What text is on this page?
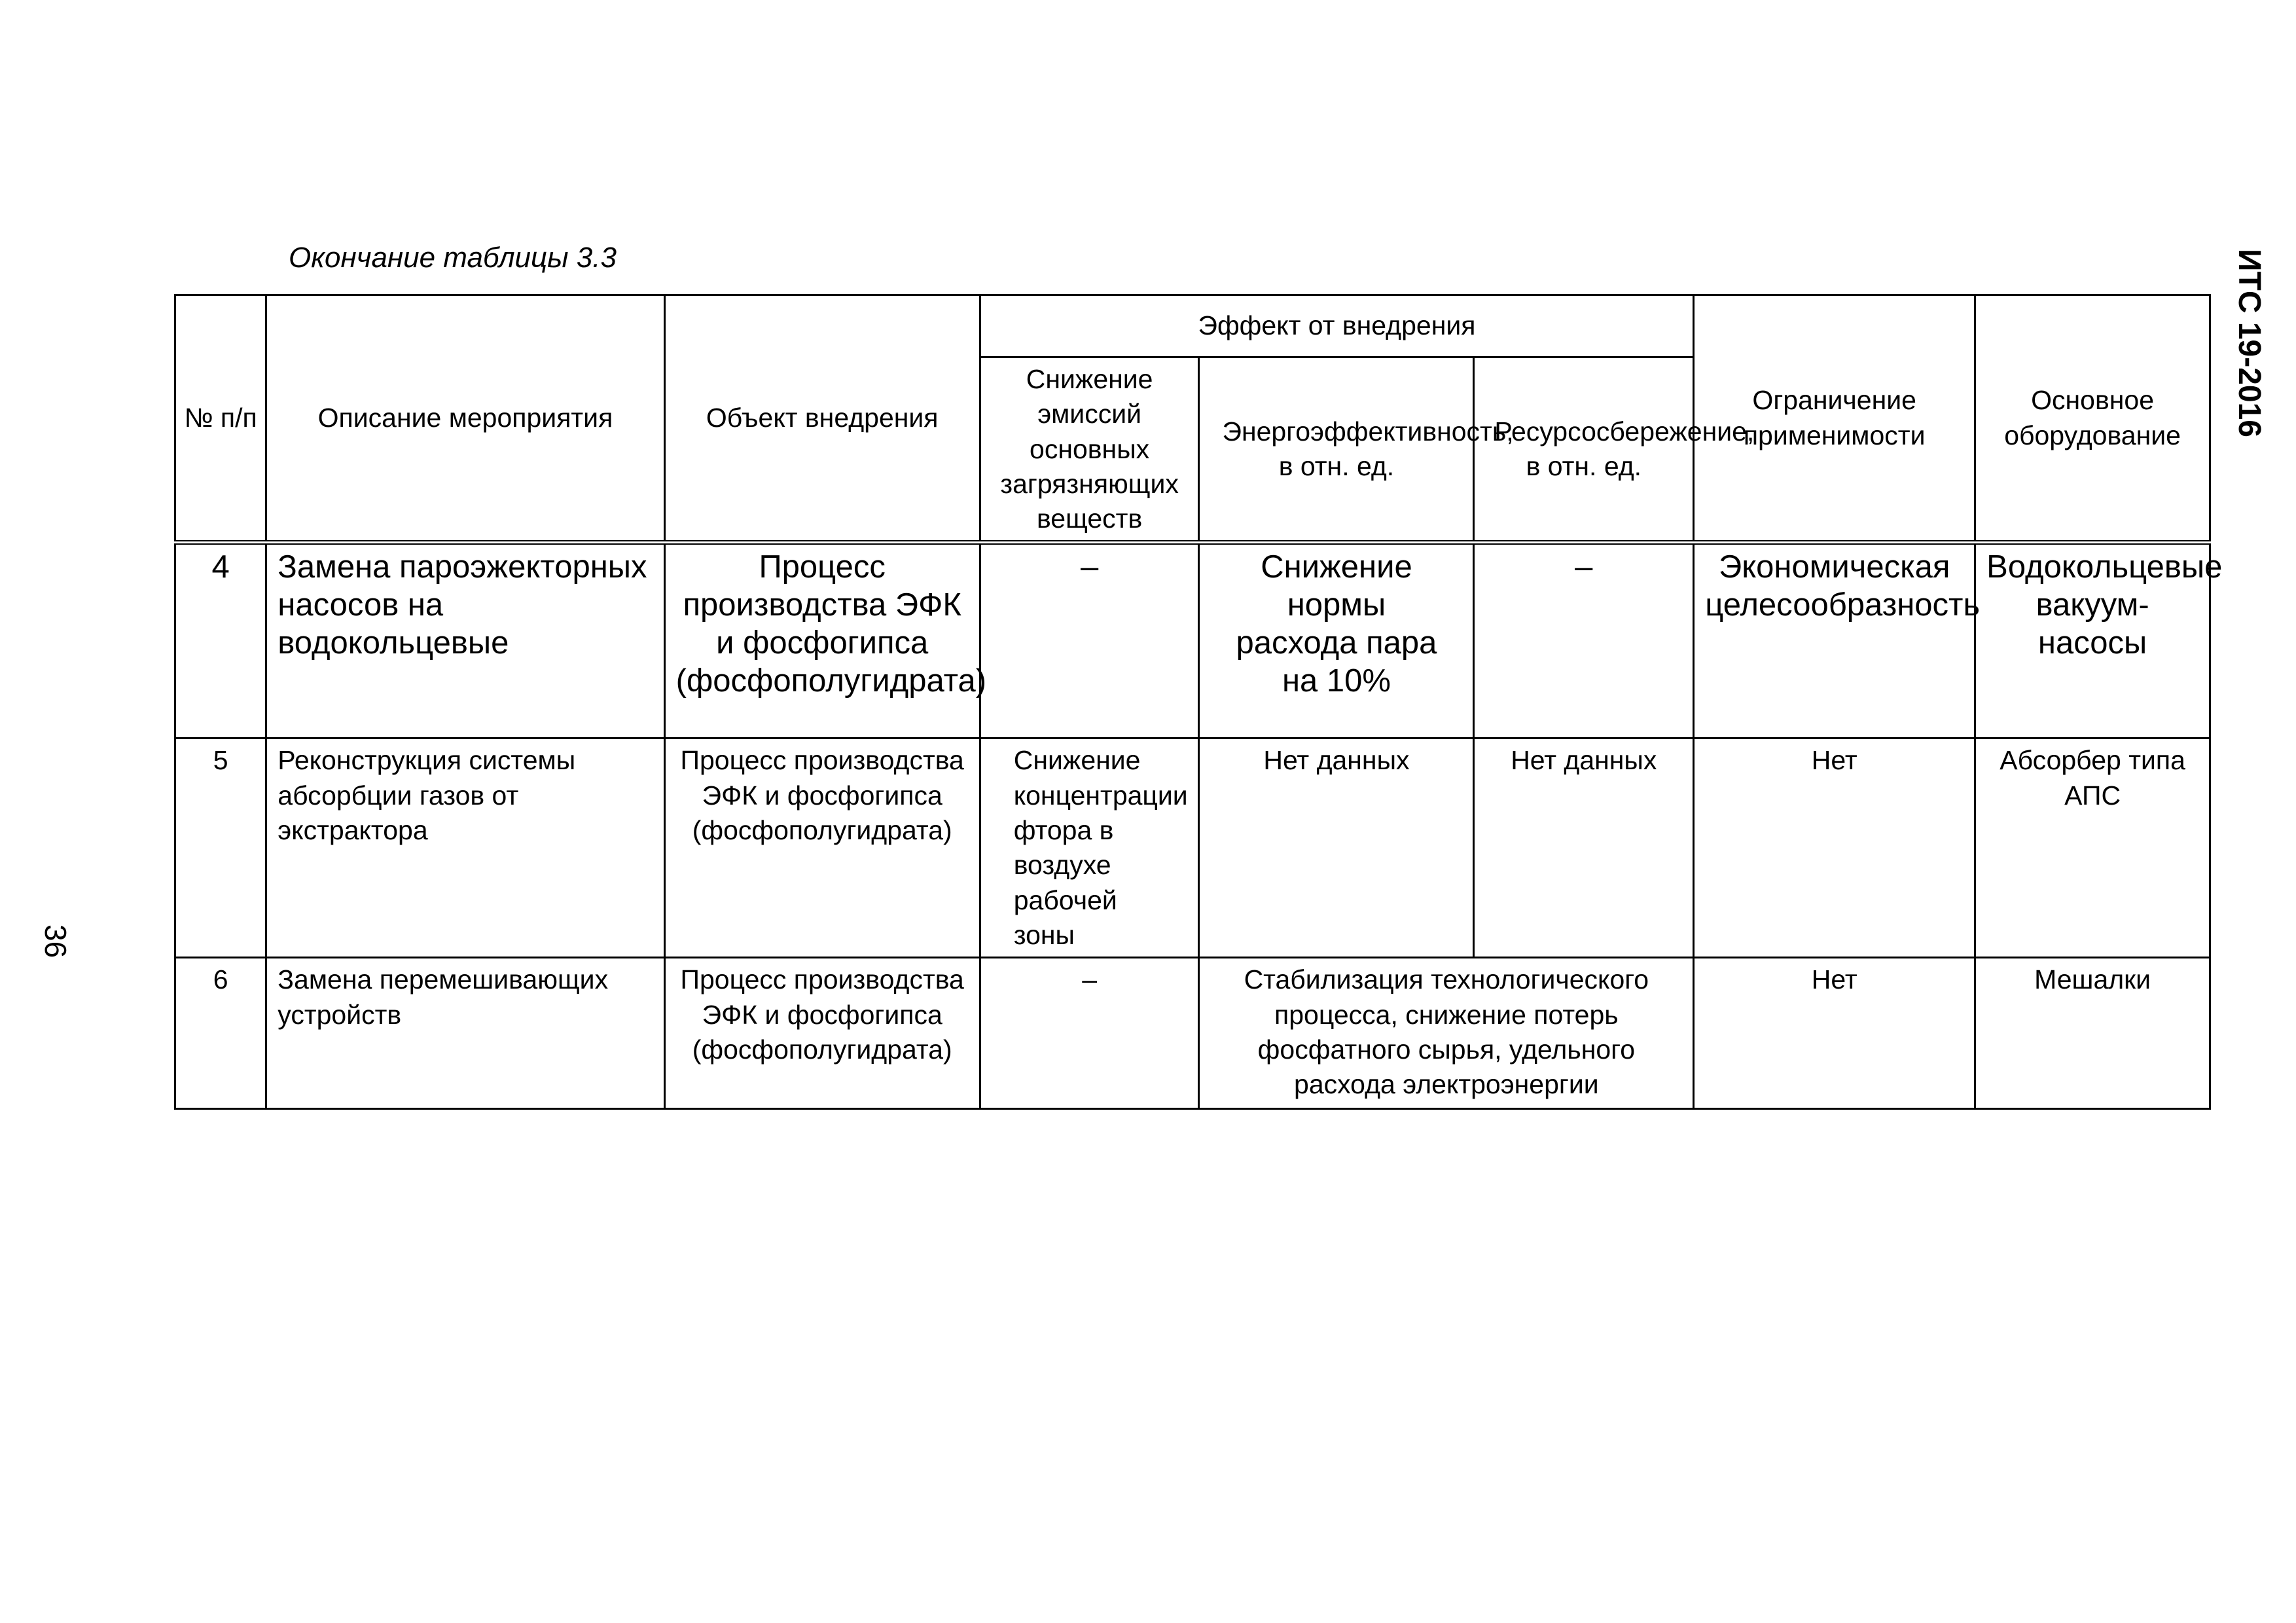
Окончание таблицы 3.3	ИТС 19-2016
36
№ п/п	Описание мероприятия	Объект внедрения	Эффект от внедрения			Ограничение применимости	Основное оборудование
			Снижение эмиссий основных загрязняющих веществ	Энергоэффективность, в отн. ед.	Ресурсосбережение, в отн. ед.		
4	Замена пароэжекторных насосов на водокольцевые	Процесс производства ЭФК и фосфогипса (фосфополугидрата)	–	Снижение нормы расхода пара на 10%	–	Экономическая целесообразность	Водокольцевые вакуум-насосы
5	Реконструкция системы абсорбции газов от экстрактора	Процесс производства ЭФК и фосфогипса (фосфополугидрата)	Снижение концентрации фтора в воздухе рабочей зоны	Нет данных	Нет данных	Нет	Абсорбер типа АПС
6	Замена перемешивающих устройств	Процесс производства ЭФК и фосфогипса (фосфополугидрата)	–	Стабилизация технологического процесса, снижение потерь фосфатного сырья, удельного расхода электроэнергии		Нет	Мешалки
